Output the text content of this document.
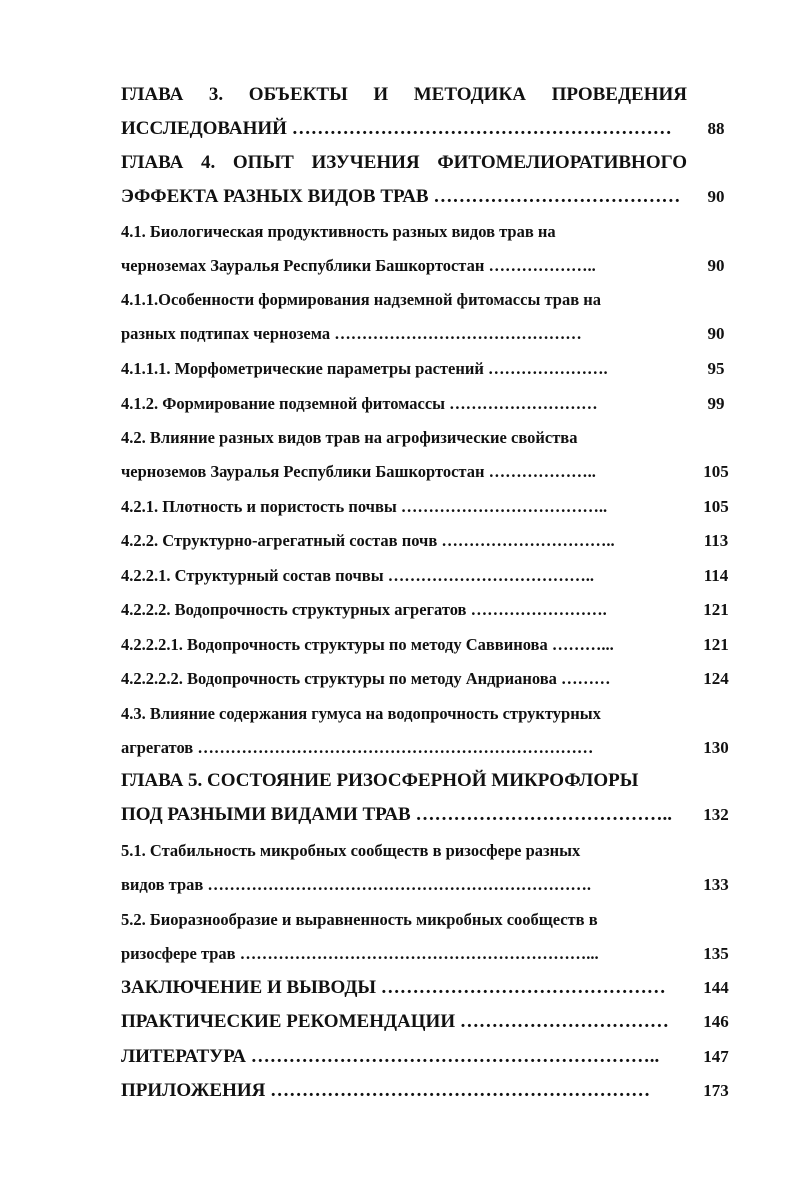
ГЛАВА 3. ОБЪЕКТЫ И МЕТОДИКА ПРОВЕДЕНИЯ
ИССЛЕДОВАНИЙ ……………………………………………………	88
ГЛАВА 4. ОПЫТ ИЗУЧЕНИЯ ФИТОМЕЛИОРАТИВНОГО
ЭФФЕКТА РАЗНЫХ ВИДОВ ТРАВ …………………………………	90
4.1. Биологическая продуктивность разных видов трав на
черноземах Зауралья Республики Башкортостан ………………..	90
4.1.1.Особенности формирования надземной фитомассы трав на
разных подтипах чернозема ………………………………………	90
4.1.1.1. Морфометрические параметры растений ………………….	95
4.1.2. Формирование подземной фитомассы ………………………	99
4.2. Влияние разных видов трав на агрофизические свойства
черноземов Зауралья Республики Башкортостан ………………..	105
4.2.1. Плотность и пористость почвы ………………………………..	105
4.2.2. Структурно-агрегатный состав почв …………………………..	113
4.2.2.1. Структурный состав почвы ………………………………..	114
4.2.2.2. Водопрочность структурных агрегатов …………………….	121
4.2.2.2.1. Водопрочность структуры по методу Саввинова ………...	121
4.2.2.2.2. Водопрочность структуры по методу Андрианова ………	124
4.3. Влияние содержания гумуса на водопрочность структурных
агрегатов ………………………………………………………………	130
ГЛАВА 5. СОСТОЯНИЕ РИЗОСФЕРНОЙ МИКРОФЛОРЫ
ПОД РАЗНЫМИ ВИДАМИ ТРАВ …………………………………..	132
5.1. Стабильность микробных сообществ в ризосфере разных
видов трав …………………………………………………………….	133
5.2. Биоразнообразие и выравненность микробных сообществ в
ризосфере трав ………………………………………………………...	135
ЗАКЛЮЧЕНИЕ И ВЫВОДЫ ………………………………………	144
ПРАКТИЧЕСКИЕ РЕКОМЕНДАЦИИ ……………………………	146
ЛИТЕРАТУРА ………………………………………………………..	147
ПРИЛОЖЕНИЯ ……………………………………………………	173
